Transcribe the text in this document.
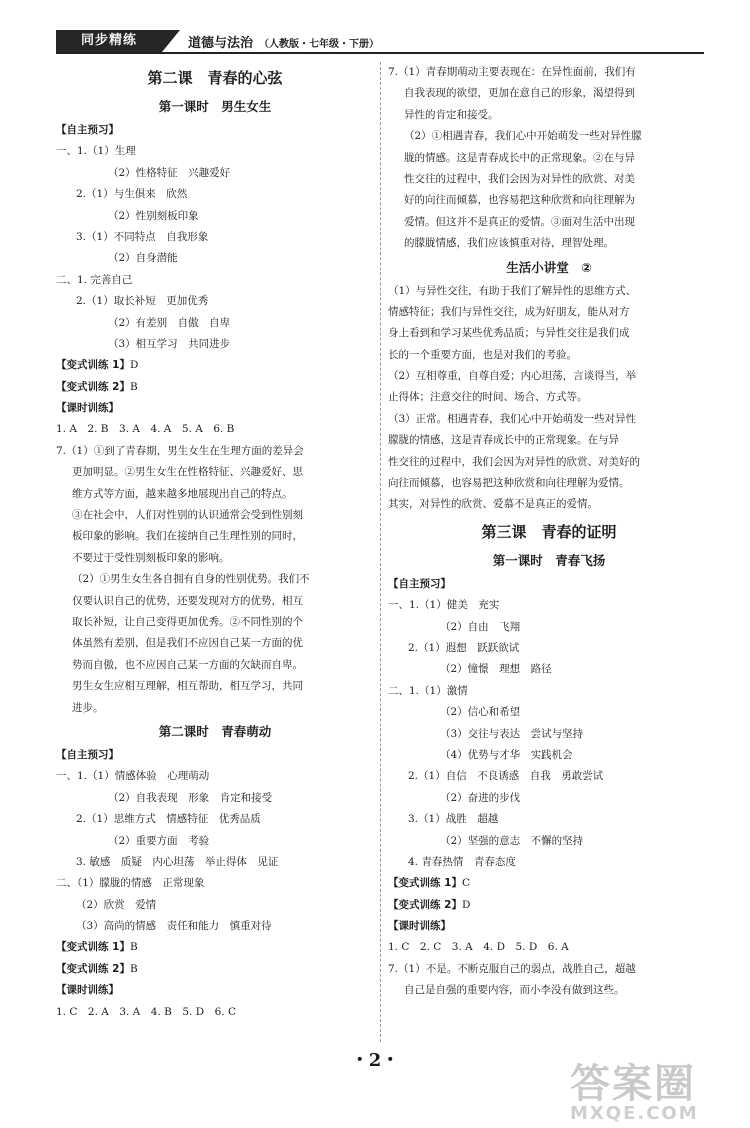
同步精练	道德与法治 （人教版・七年级・下册）
第二课　青春的心弦
第一课时　男生女生
【自主预习】
一、1.（1）生理
（2）性格特征　兴趣爱好
2.（1）与生俱来　欣然
（2）性别刻板印象
3.（1）不同特点　自我形象
（2）自身潜能
二、1. 完善自己
2.（1）取长补短　更加优秀
（2）有差别　自傲　自卑
（3）相互学习　共同进步
【变式训练 1】D
【变式训练 2】B
【课时训练】
1. A　2. B　3. A　4. A　5. A　6. B
7.（1）①到了青春期，男生女生在生理方面的差异会
更加明显。②男生女生在性格特征、兴趣爱好、思
维方式等方面，越来越多地展现出自己的特点。
③在社会中，人们对性别的认识通常会受到性别刻
板印象的影响。我们在接纳自己生理性别的同时，
不要过于受性别刻板印象的影响。
（2）①男生女生各自拥有自身的性别优势。我们不
仅要认识自己的优势，还要发现对方的优势，相互
取长补短，让自己变得更加优秀。②不同性别的个
体虽然有差别，但是我们不应因自己某一方面的优
势而自傲，也不应因自己某一方面的欠缺而自卑。
男生女生应相互理解，相互帮助，相互学习，共同
进步。
第二课时　青春萌动
【自主预习】
一、1.（1）情感体验　心理萌动
（2）自我表现　形象　肯定和接受
2.（1）思维方式　情感特征　优秀品质
（2）重要方面　考验
3. 敏感　质疑　内心坦荡　举止得体　见证
二、（1）朦胧的情感　正常现象
（2）欣赏　爱情
（3）高尚的情感　责任和能力　慎重对待
【变式训练 1】B
【变式训练 2】B
【课时训练】
1. C　2. A　3. A　4. B　5. D　6. C
7.（1）青春期萌动主要表现在：在异性面前，我们有
自我表现的欲望，更加在意自己的形象，渴望得到
异性的肯定和接受。
（2）①相遇青春，我们心中开始萌发一些对异性朦
胧的情感。这是青春成长中的正常现象。②在与异
性交往的过程中，我们会因为对异性的欣赏、对美
好的向往而倾慕，也容易把这种欣赏和向往理解为
爱情。但这并不是真正的爱情。③面对生活中出现
的朦胧情感，我们应该慎重对待，理智处理。
生活小讲堂　②
（1）与异性交往，有助于我们了解异性的思维方式、
情感特征；我们与异性交往，成为好朋友，能从对方
身上看到和学习某些优秀品质；与异性交往是我们成
长的一个重要方面，也是对我们的考验。
（2）互相尊重，自尊自爱；内心坦荡，言谈得当，举
止得体；注意交往的时间、场合、方式等。
（3）正常。相遇青春，我们心中开始萌发一些对异性
朦胧的情感，这是青春成长中的正常现象。在与异
性交往的过程中，我们会因为对异性的欣赏、对美好的
向往而倾慕，也容易把这种欣赏和向往理解为爱情。
其实，对异性的欣赏、爱慕不是真正的爱情。
第三课　青春的证明
第一课时　青春飞扬
【自主预习】
一、1.（1）健美　充实
（2）自由　飞翔
2.（1）遐想　跃跃欲试
（2）憧憬　理想　路径
二、1.（1）激情
（2）信心和希望
（3）交往与表达　尝试与坚持
（4）优势与才华　实践机会
2.（1）自信　不良诱惑　自我　勇敢尝试
（2）奋进的步伐
3.（1）战胜　超越
（2）坚强的意志　不懈的坚持
4. 青春热情　青春态度
【变式训练 1】C
【变式训练 2】D
【课时训练】
1. C　2. C　3. A　4. D　5. D　6. A
7.（1）不是。不断克服自己的弱点，战胜自己，超越
自己是自强的重要内容，而小李没有做到这些。
・2・
答案圈
MXQE.COM
